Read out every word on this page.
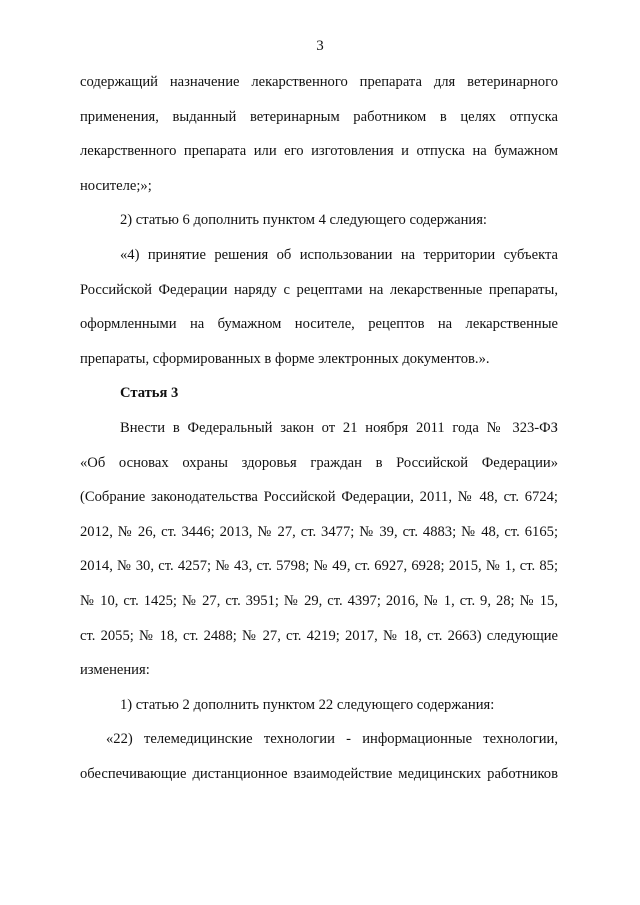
3
содержащий назначение лекарственного препарата для ветеринарного
применения, выданный ветеринарным работником в целях отпуска
лекарственного препарата или его изготовления и отпуска на бумажном
носителе;»;
2) статью 6 дополнить пунктом 4 следующего содержания:
«4) принятие решения об использовании на территории субъекта
Российской Федерации наряду с рецептами на лекарственные препараты,
оформленными на бумажном носителе, рецептов на лекарственные
препараты, сформированных в форме электронных документов.».
Статья 3
Внести в Федеральный закон от 21 ноября 2011 года № 323-ФЗ
«Об основах охраны здоровья граждан в Российской Федерации»
(Собрание законодательства Российской Федерации, 2011, № 48, ст. 6724;
2012, № 26, ст. 3446; 2013, № 27, ст. 3477; № 39, ст. 4883; № 48, ст. 6165;
2014, № 30, ст. 4257; № 43, ст. 5798; № 49, ст. 6927, 6928; 2015, № 1, ст. 85;
№ 10, ст. 1425; № 27, ст. 3951; № 29, ст. 4397; 2016, № 1, ст. 9, 28; № 15,
ст. 2055; № 18, ст. 2488; № 27, ст. 4219; 2017, № 18, ст. 2663) следующие
изменения:
1) статью 2 дополнить пунктом 22 следующего содержания:
«22) телемедицинские технологии - информационные технологии,
обеспечивающие дистанционное взаимодействие медицинских работников
